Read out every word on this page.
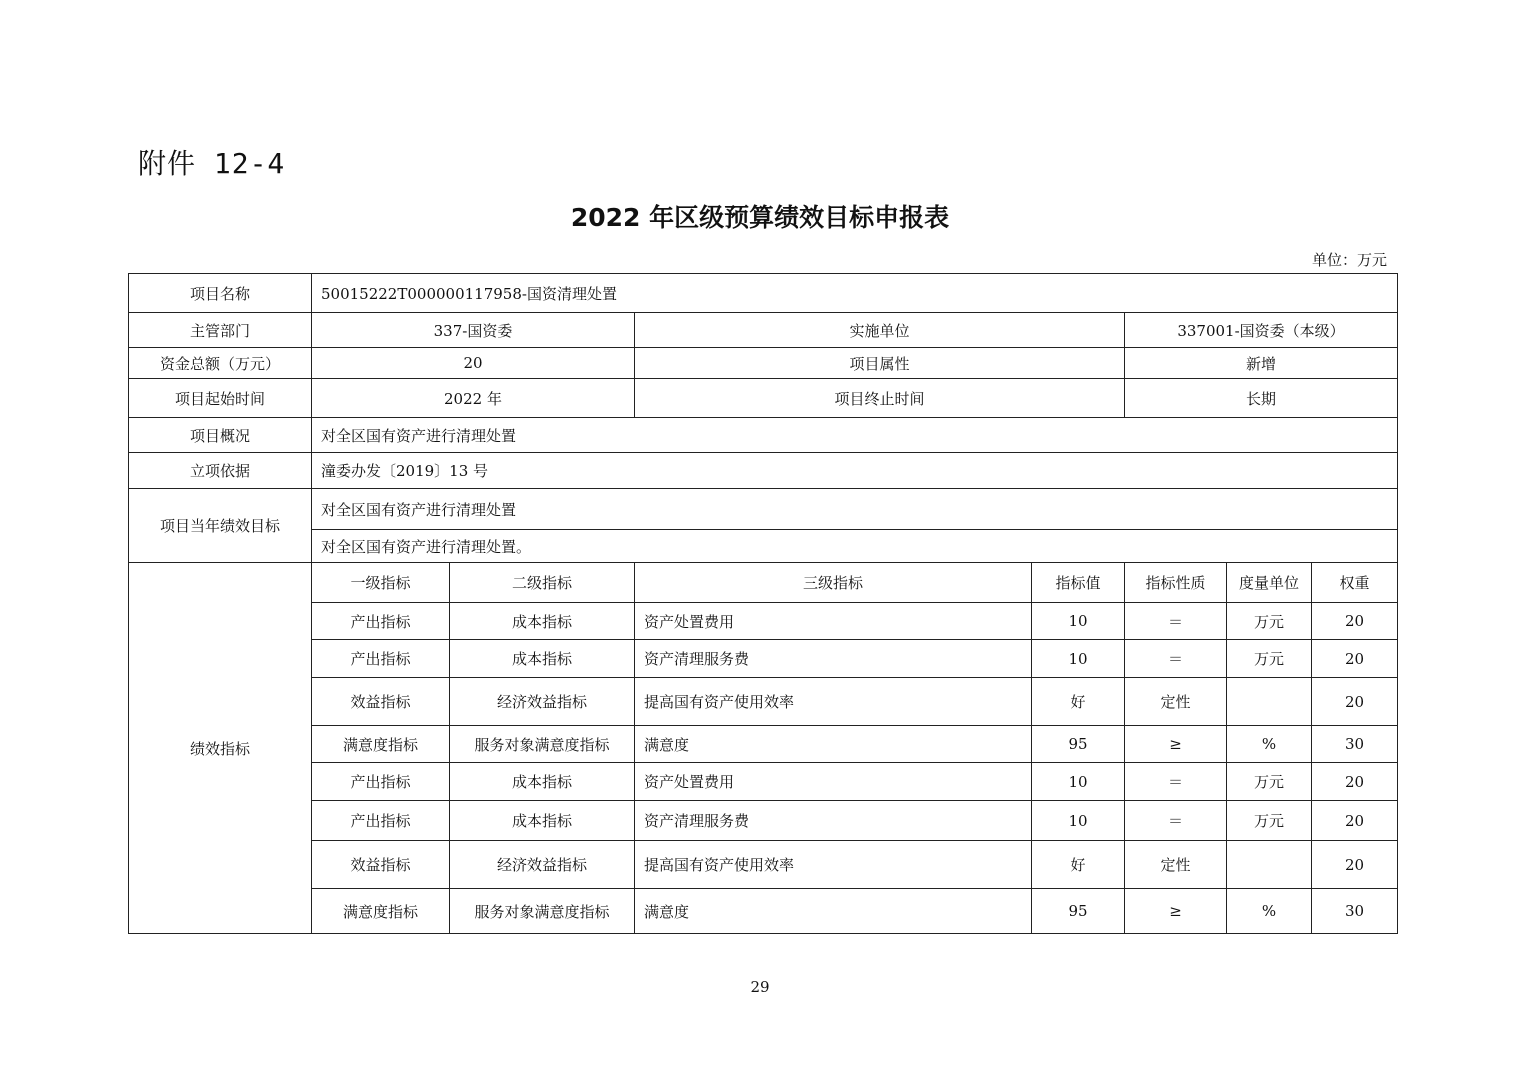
附件 12-4
2022 年区级预算绩效目标申报表
单位：万元
项目名称	50015222T000000117958-国资清理处置						
主管部门	337-国资委		实施单位		337001-国资委（本级）		
资金总额（万元）	20		项目属性		新增		
项目起始时间	2022 年		项目终止时间		长期		
项目概况	对全区国有资产进行清理处置						
立项依据	潼委办发〔2019〕13 号						
项目当年绩效目标	对全区国有资产进行清理处置						
	对全区国有资产进行清理处置。						
绩效指标	一级指标	二级指标	三级指标	指标值	指标性质	度量单位	权重
	产出指标	成本指标	资产处置费用	10	＝	万元	20
	产出指标	成本指标	资产清理服务费	10	＝	万元	20
	效益指标	经济效益指标	提高国有资产使用效率	好	定性		20
	满意度指标	服务对象满意度指标	满意度	95	≥	%	30
	产出指标	成本指标	资产处置费用	10	＝	万元	20
	产出指标	成本指标	资产清理服务费	10	＝	万元	20
	效益指标	经济效益指标	提高国有资产使用效率	好	定性		20
	满意度指标	服务对象满意度指标	满意度	95	≥	%	30
29
